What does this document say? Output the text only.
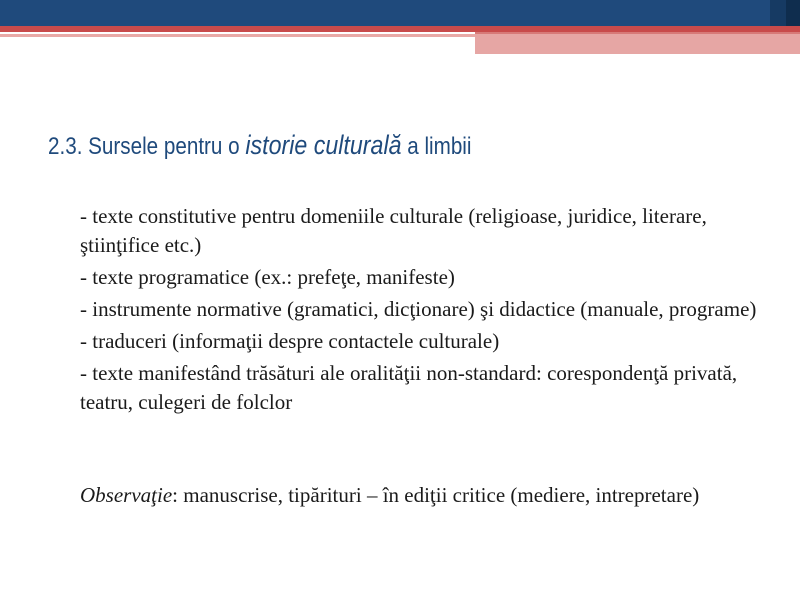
2.3. Sursele pentru o istorie culturală a limbii
- texte constitutive pentru domeniile culturale (religioase, juridice, literare, ştiinţifice etc.)
- texte programatice (ex.: prefeţe, manifeste)
- instrumente normative (gramatici, dicţionare) şi didactice (manuale, programe)
- traduceri (informaţii despre contactele culturale)
- texte manifestând trăsături ale oralităţii non-standard: corespondenţă privată, teatru, culegeri de folclor
Observaţie: manuscrise, tipărituri – în ediţii critice (mediere, intrepretare)
